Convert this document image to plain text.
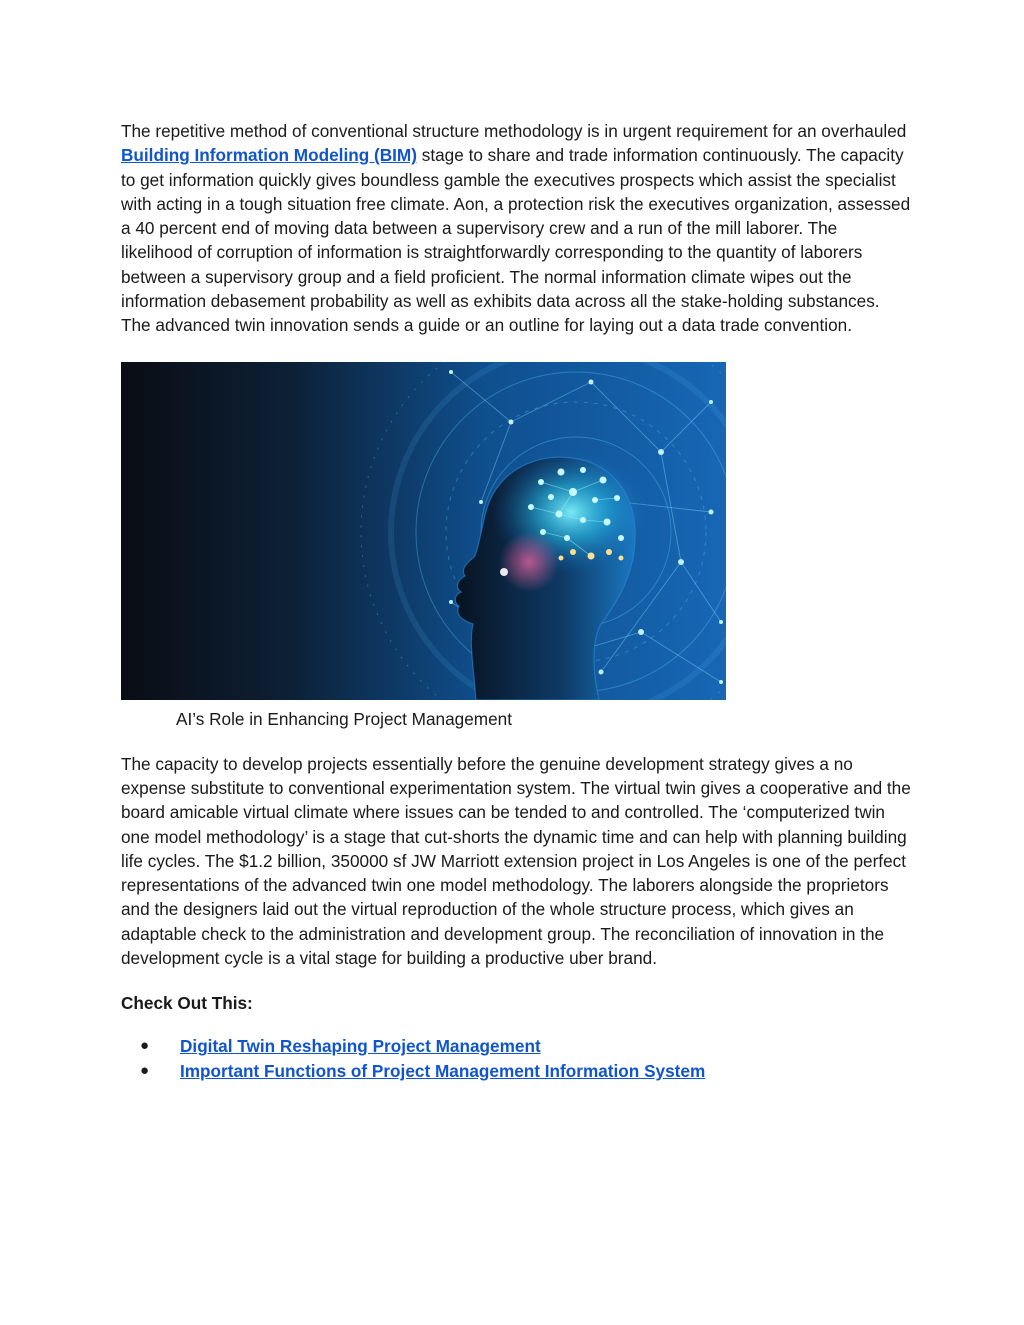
The repetitive method of conventional structure methodology is in urgent requirement for an overhauled Building Information Modeling (BIM) stage to share and trade information continuously. The capacity to get information quickly gives boundless gamble the executives prospects which assist the specialist with acting in a tough situation free climate. Aon, a protection risk the executives organization, assessed a 40 percent end of moving data between a supervisory crew and a run of the mill laborer. The likelihood of corruption of information is straightforwardly corresponding to the quantity of laborers between a supervisory group and a field proficient. The normal information climate wipes out the information debasement probability as well as exhibits data across all the stake-holding substances. The advanced twin innovation sends a guide or an outline for laying out a data trade convention.

AI’s Role in Enhancing Project Management

The capacity to develop projects essentially before the genuine development strategy gives a no expense substitute to conventional experimentation system. The virtual twin gives a cooperative and the board amicable virtual climate where issues can be tended to and controlled. The ‘computerized twin one model methodology’ is a stage that cut-shorts the dynamic time and can help with planning building life cycles. The $1.2 billion, 350000 sf JW Marriott extension project in Los Angeles is one of the perfect representations of the advanced twin one model methodology. The laborers alongside the proprietors and the designers laid out the virtual reproduction of the whole structure process, which gives an adaptable check to the administration and development group. The reconciliation of innovation in the development cycle is a vital stage for building a productive uber brand.

Check Out This:

● Digital Twin Reshaping Project Management
● Important Functions of Project Management Information System
